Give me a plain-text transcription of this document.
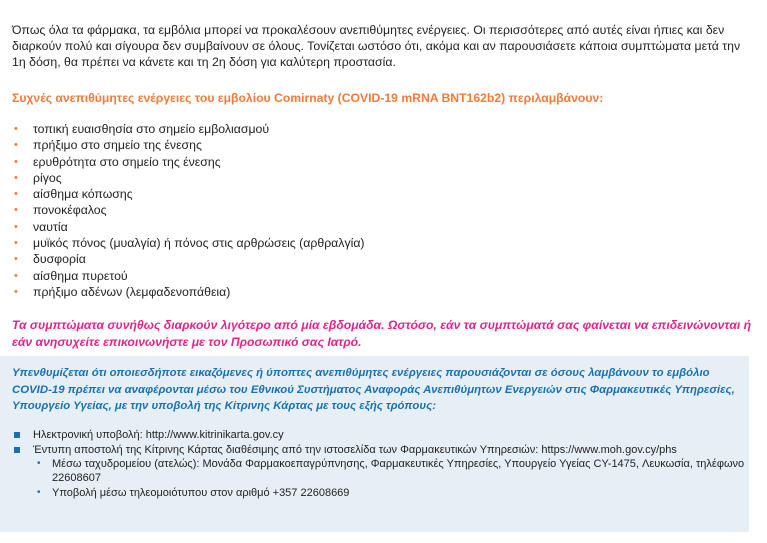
Όπως όλα τα φάρμακα, τα εμβόλια μπορεί να προκαλέσουν ανεπιθύμητες ενέργειες. Οι περισσότερες από αυτές είναι ήπιες και δεν διαρκούν πολύ και σίγουρα δεν συμβαίνουν σε όλους. Τονίζεται ωστόσο ότι, ακόμα και αν παρουσιάσετε κάποια συμπτώματα μετά την 1η δόση, θα πρέπει να κάνετε και τη 2η δόση για καλύτερη προστασία.

Συχνές ανεπιθύμητες ενέργειες του εμβολίου Comirnaty (COVID-19 mRNA BNT162b2) περιλαμβάνουν:
• τοπική ευαισθησία στο σημείο εμβολιασμού
• πρήξιμο στο σημείο της ένεσης
• ερυθρότητα στο σημείο της ένεσης
• ρίγος
• αίσθημα κόπωσης
• πονοκέφαλος
• ναυτία
• μυϊκός πόνος (μυαλγία) ή πόνος στις αρθρώσεις (αρθραλγία)
• δυσφορία
• αίσθημα πυρετού
• πρήξιμο αδένων (λεμφαδενοπάθεια)

Τα συμπτώματα συνήθως διαρκούν λιγότερο από μία εβδομάδα. Ωστόσο, εάν τα συμπτώματά σας φαίνεται να επιδεινώνονται ή εάν ανησυχείτε επικοινωνήστε με τον Προσωπικό σας Ιατρό.

Υπενθυμίζεται ότι οποιεσδήποτε εικαζόμενες ή ύποπτες ανεπιθύμητες ενέργειες παρουσιάζονται σε όσους λαμβάνουν το εμβόλιο COVID-19 πρέπει να αναφέρονται μέσω του Εθνικού Συστήματος Αναφοράς Ανεπιθύμητων Ενεργειών στις Φαρμακευτικές Υπηρεσίες, Υπουργείο Υγείας, με την υποβολή της Κίτρινης Κάρτας με τους εξής τρόπους:

Ηλεκτρονική υποβολή: http://www.kitrinikarta.gov.cy
Έντυπη αποστολή της Κίτρινης Κάρτας διαθέσιμης από την ιστοσελίδα των Φαρμακευτικών Υπηρεσιών: https://www.moh.gov.cy/phs
• Μέσω ταχυδρομείου (ατελώς): Μονάδα Φαρμακοεπαγρύπνησης, Φαρμακευτικές Υπηρεσίες, Υπουργείο Υγείας CY-1475, Λευκωσία, τηλέφωνο 22608607
• Υποβολή μέσω τηλεομοιότυπου στον αριθμό +357 22608669
